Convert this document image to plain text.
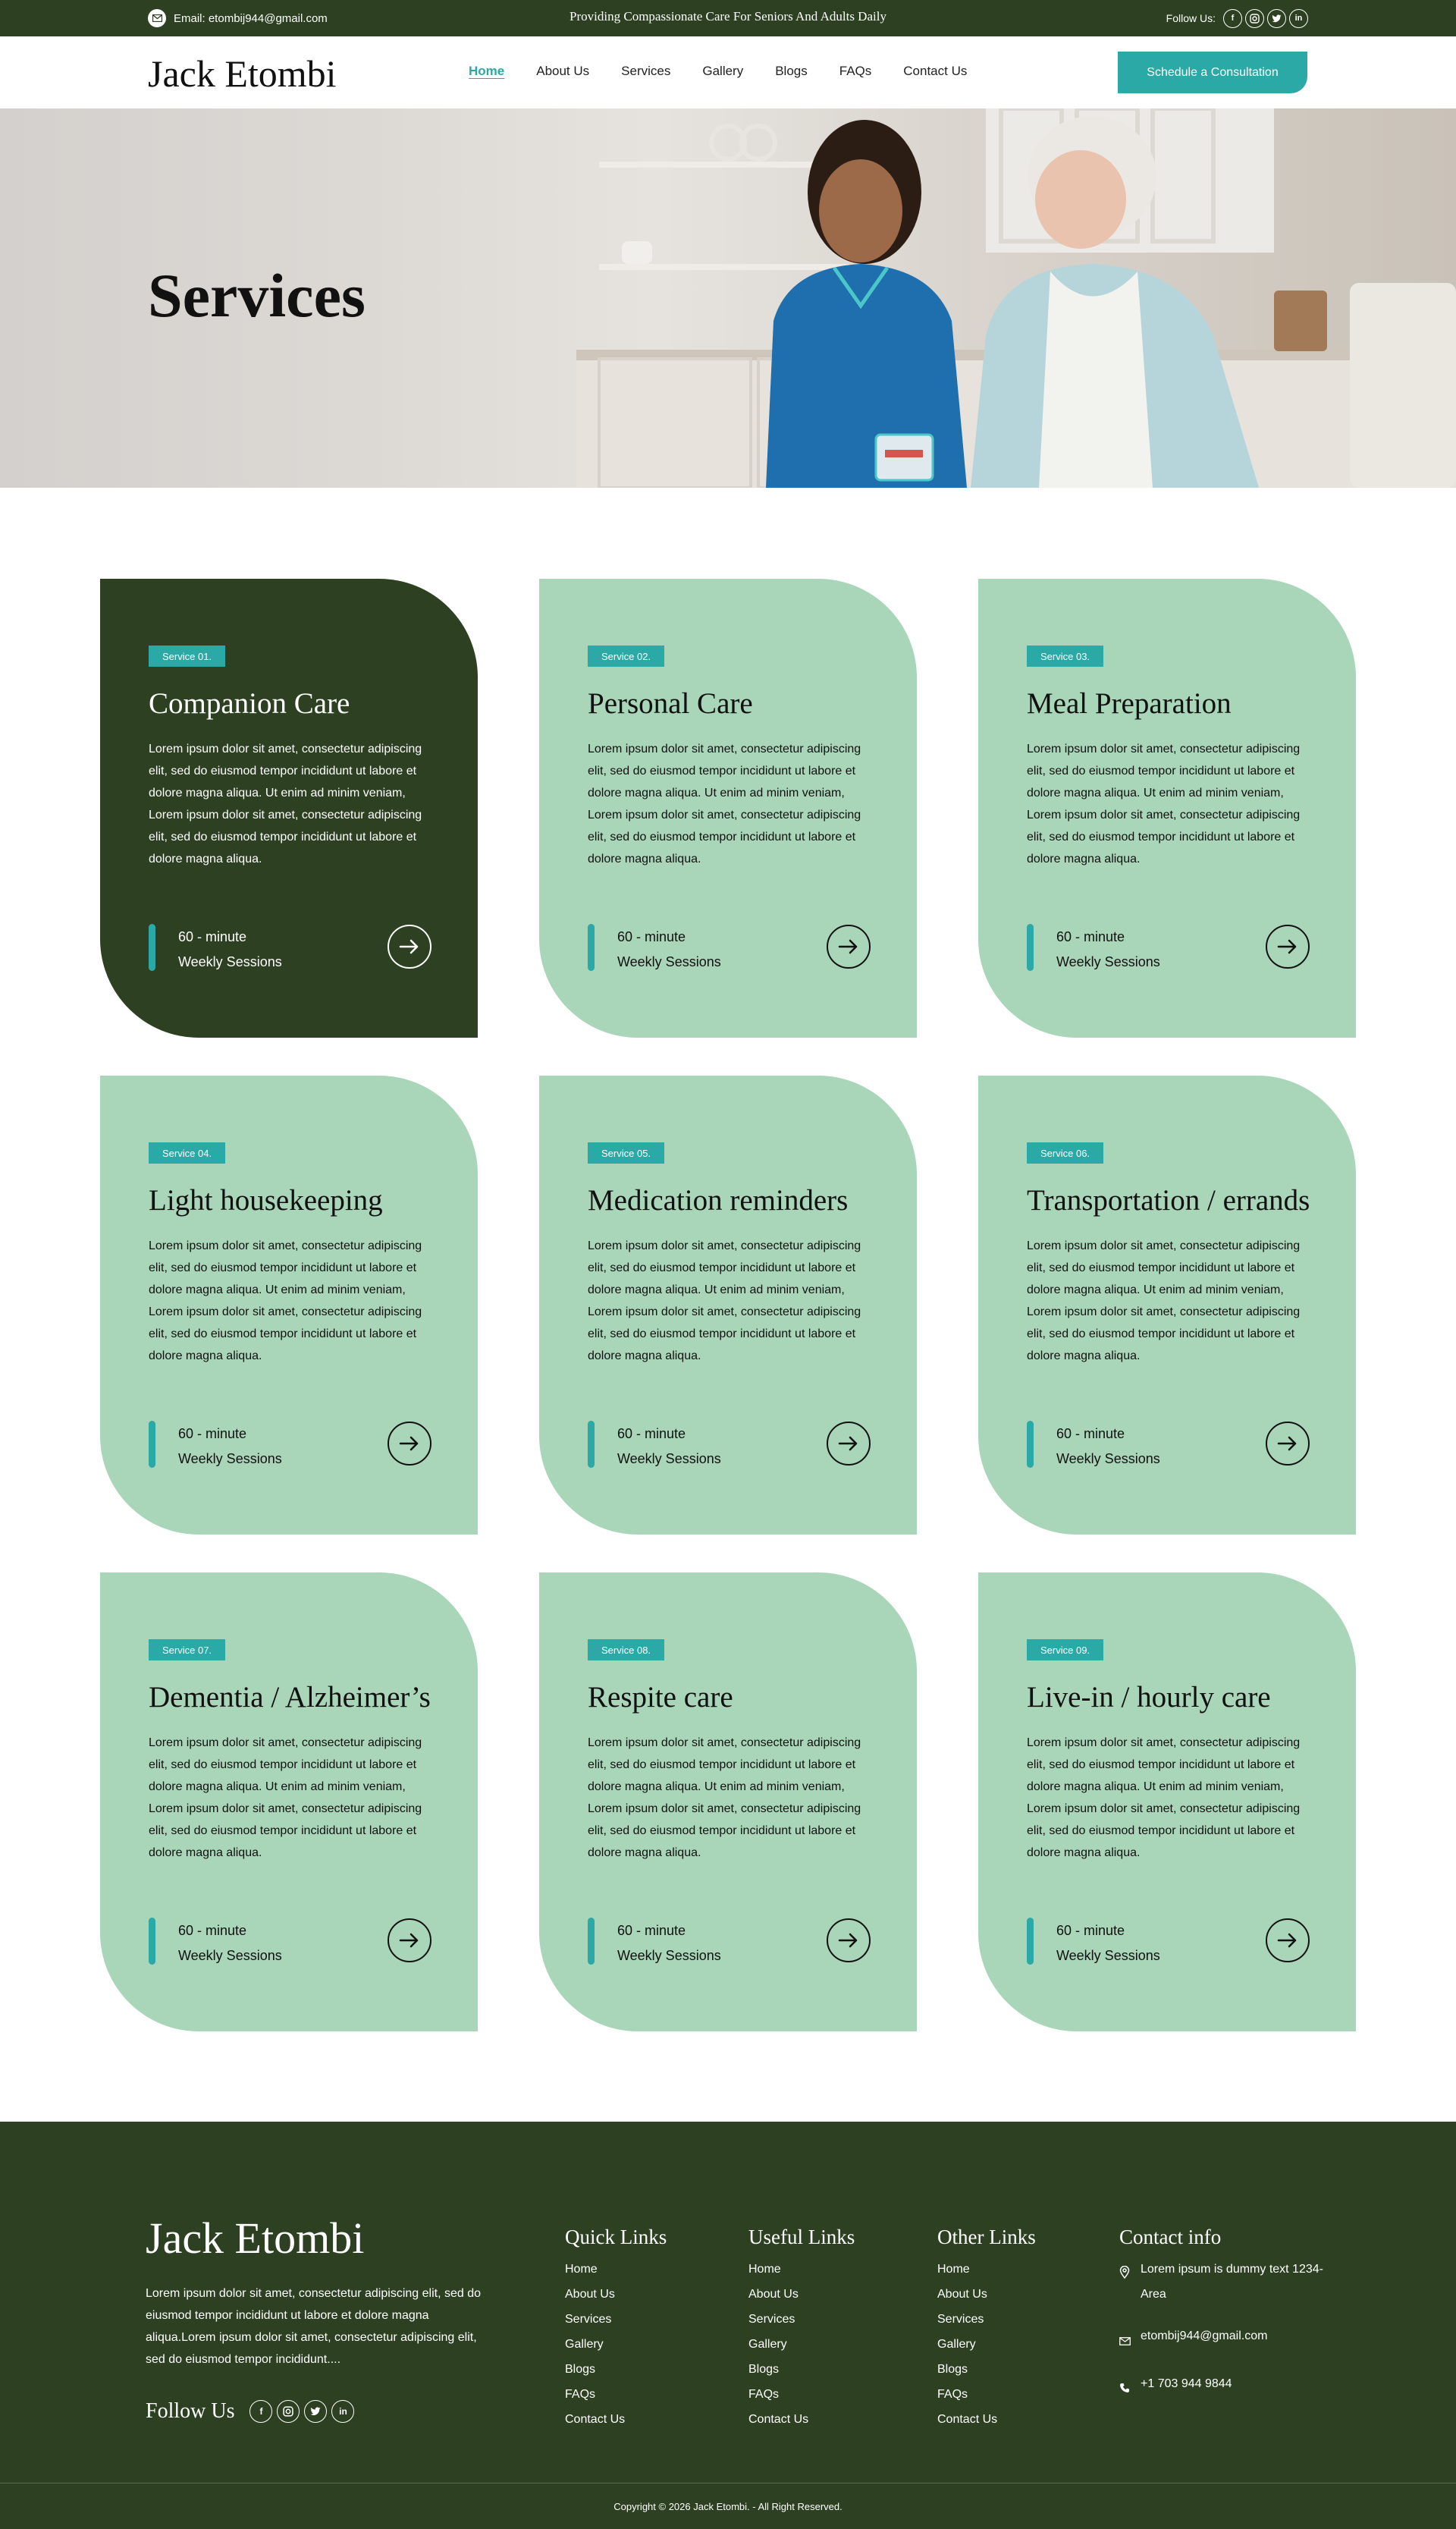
Email: etombij944@gmail.com	Providing Compassionate Care For Seniors And Adults Daily	Follow Us:	f	in
Jack Etombi	Home About Us Services Gallery Blogs FAQs Contact Us	Schedule a Consultation
Services
Service 01.
Companion Care

Lorem ipsum dolor sit amet, consectetur adipiscing elit, sed do eiusmod tempor incididunt ut labore et dolore magna aliqua. Ut enim ad minim veniam, Lorem ipsum dolor sit amet, consectetur adipiscing elit, sed do eiusmod tempor incididunt ut labore et dolore magna aliqua.

60 - minute
Weekly Sessions
Service 02.
Personal Care

Lorem ipsum dolor sit amet, consectetur adipiscing elit, sed do eiusmod tempor incididunt ut labore et dolore magna aliqua. Ut enim ad minim veniam, Lorem ipsum dolor sit amet, consectetur adipiscing elit, sed do eiusmod tempor incididunt ut labore et dolore magna aliqua.

60 - minute
Weekly Sessions
Service 03.
Meal Preparation

Lorem ipsum dolor sit amet, consectetur adipiscing elit, sed do eiusmod tempor incididunt ut labore et dolore magna aliqua. Ut enim ad minim veniam, Lorem ipsum dolor sit amet, consectetur adipiscing elit, sed do eiusmod tempor incididunt ut labore et dolore magna aliqua.

60 - minute
Weekly Sessions
Service 04.
Light housekeeping

Lorem ipsum dolor sit amet, consectetur adipiscing elit, sed do eiusmod tempor incididunt ut labore et dolore magna aliqua. Ut enim ad minim veniam, Lorem ipsum dolor sit amet, consectetur adipiscing elit, sed do eiusmod tempor incididunt ut labore et dolore magna aliqua.

60 - minute
Weekly Sessions
Service 05.
Medication reminders

Lorem ipsum dolor sit amet, consectetur adipiscing elit, sed do eiusmod tempor incididunt ut labore et dolore magna aliqua. Ut enim ad minim veniam, Lorem ipsum dolor sit amet, consectetur adipiscing elit, sed do eiusmod tempor incididunt ut labore et dolore magna aliqua.

60 - minute
Weekly Sessions
Service 06.
Transportation / errands

Lorem ipsum dolor sit amet, consectetur adipiscing elit, sed do eiusmod tempor incididunt ut labore et dolore magna aliqua. Ut enim ad minim veniam, Lorem ipsum dolor sit amet, consectetur adipiscing elit, sed do eiusmod tempor incididunt ut labore et dolore magna aliqua.

60 - minute
Weekly Sessions
Service 07.
Dementia / Alzheimer’s

Lorem ipsum dolor sit amet, consectetur adipiscing elit, sed do eiusmod tempor incididunt ut labore et dolore magna aliqua. Ut enim ad minim veniam, Lorem ipsum dolor sit amet, consectetur adipiscing elit, sed do eiusmod tempor incididunt ut labore et dolore magna aliqua.

60 - minute
Weekly Sessions
Service 08.
Respite care

Lorem ipsum dolor sit amet, consectetur adipiscing elit, sed do eiusmod tempor incididunt ut labore et dolore magna aliqua. Ut enim ad minim veniam, Lorem ipsum dolor sit amet, consectetur adipiscing elit, sed do eiusmod tempor incididunt ut labore et dolore magna aliqua.

60 - minute
Weekly Sessions
Service 09.
Live-in / hourly care

Lorem ipsum dolor sit amet, consectetur adipiscing elit, sed do eiusmod tempor incididunt ut labore et dolore magna aliqua. Ut enim ad minim veniam, Lorem ipsum dolor sit amet, consectetur adipiscing elit, sed do eiusmod tempor incididunt ut labore et dolore magna aliqua.

60 - minute
Weekly Sessions
Jack Etombi
Lorem ipsum dolor sit amet, consectetur adipiscing elit, sed do eiusmod tempor incididunt ut labore et dolore magna aliqua.Lorem ipsum dolor sit amet, consectetur adipiscing elit, sed do eiusmod tempor incididunt....
Follow Us	f	in
Quick Links
Home
About Us
Services
Gallery
Blogs
FAQs
Contact Us
Useful Links
Home
About Us
Services
Gallery
Blogs
FAQs
Contact Us
Other Links
Home
About Us
Services
Gallery
Blogs
FAQs
Contact Us
Contact info
Lorem ipsum is dummy text 1234-Area
etombij944@gmail.com
+1 703 944 9844
Copyright © 2026 Jack Etombi. - All Right Reserved.
